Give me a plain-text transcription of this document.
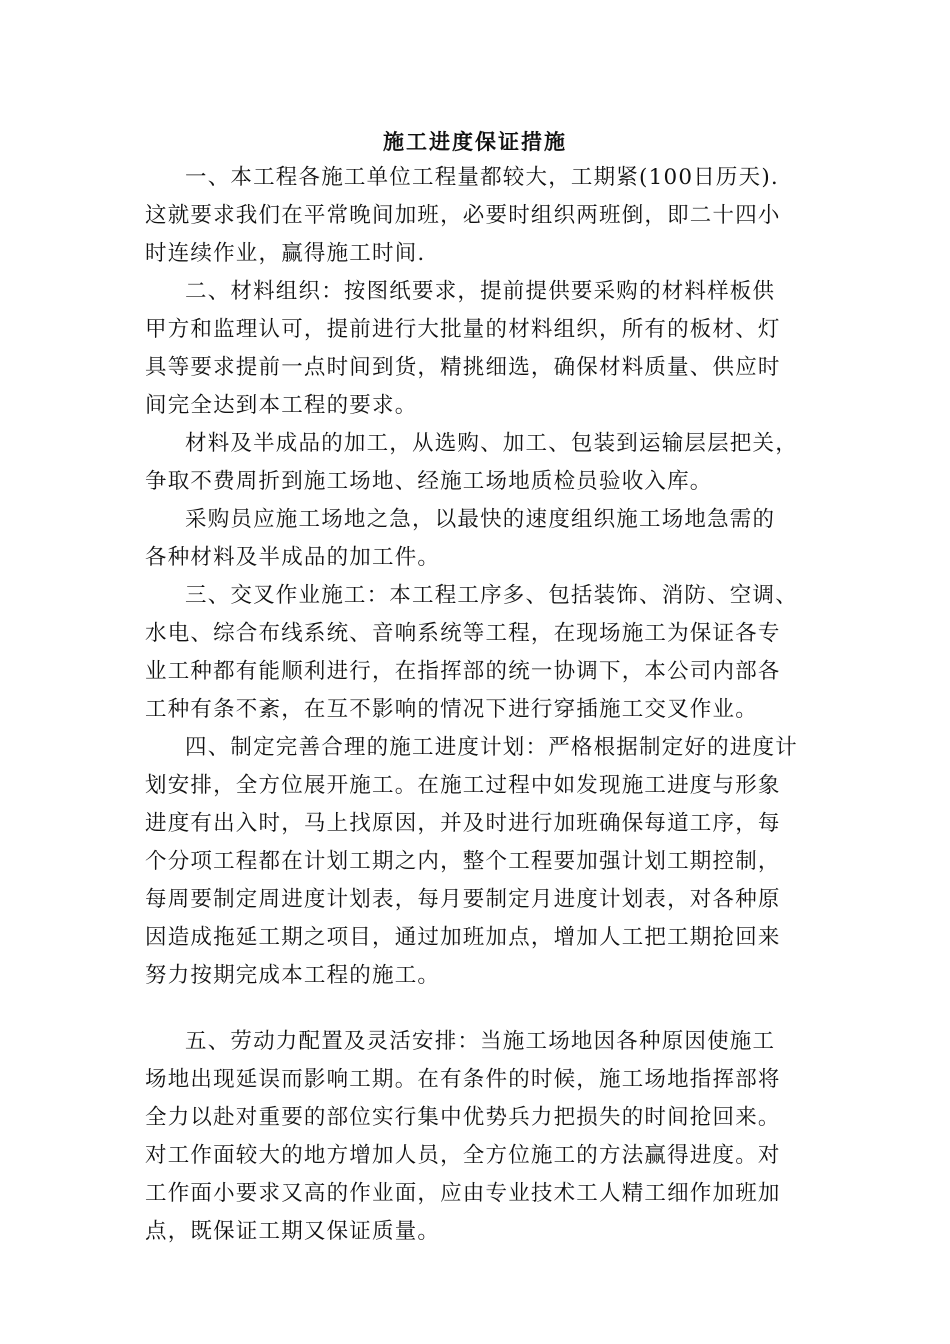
施工进度保证措施
一、本工程各施工单位工程量都较大，工期紧(100日历天).
这就要求我们在平常晚间加班，必要时组织两班倒，即二十四小
时连续作业，赢得施工时间.
二、材料组织：按图纸要求，提前提供要采购的材料样板供
甲方和监理认可，提前进行大批量的材料组织，所有的板材、灯
具等要求提前一点时间到货，精挑细选，确保材料质量、供应时
间完全达到本工程的要求。
材料及半成品的加工，从选购、加工、包装到运输层层把关，
争取不费周折到施工场地、经施工场地质检员验收入库。
采购员应施工场地之急，以最快的速度组织施工场地急需的
各种材料及半成品的加工件。
三、交叉作业施工：本工程工序多、包括装饰、消防、空调、
水电、综合布线系统、音响系统等工程，在现场施工为保证各专
业工种都有能顺利进行，在指挥部的统一协调下，本公司内部各
工种有条不紊，在互不影响的情况下进行穿插施工交叉作业。
四、制定完善合理的施工进度计划：严格根据制定好的进度计
划安排，全方位展开施工。在施工过程中如发现施工进度与形象
进度有出入时，马上找原因，并及时进行加班确保每道工序，每
个分项工程都在计划工期之内，整个工程要加强计划工期控制，
每周要制定周进度计划表，每月要制定月进度计划表，对各种原
因造成拖延工期之项目，通过加班加点，增加人工把工期抢回来
努力按期完成本工程的施工。
五、劳动力配置及灵活安排：当施工场地因各种原因使施工
场地出现延误而影响工期。在有条件的时候，施工场地指挥部将
全力以赴对重要的部位实行集中优势兵力把损失的时间抢回来。
对工作面较大的地方增加人员，全方位施工的方法赢得进度。对
工作面小要求又高的作业面，应由专业技术工人精工细作加班加
点，既保证工期又保证质量。
